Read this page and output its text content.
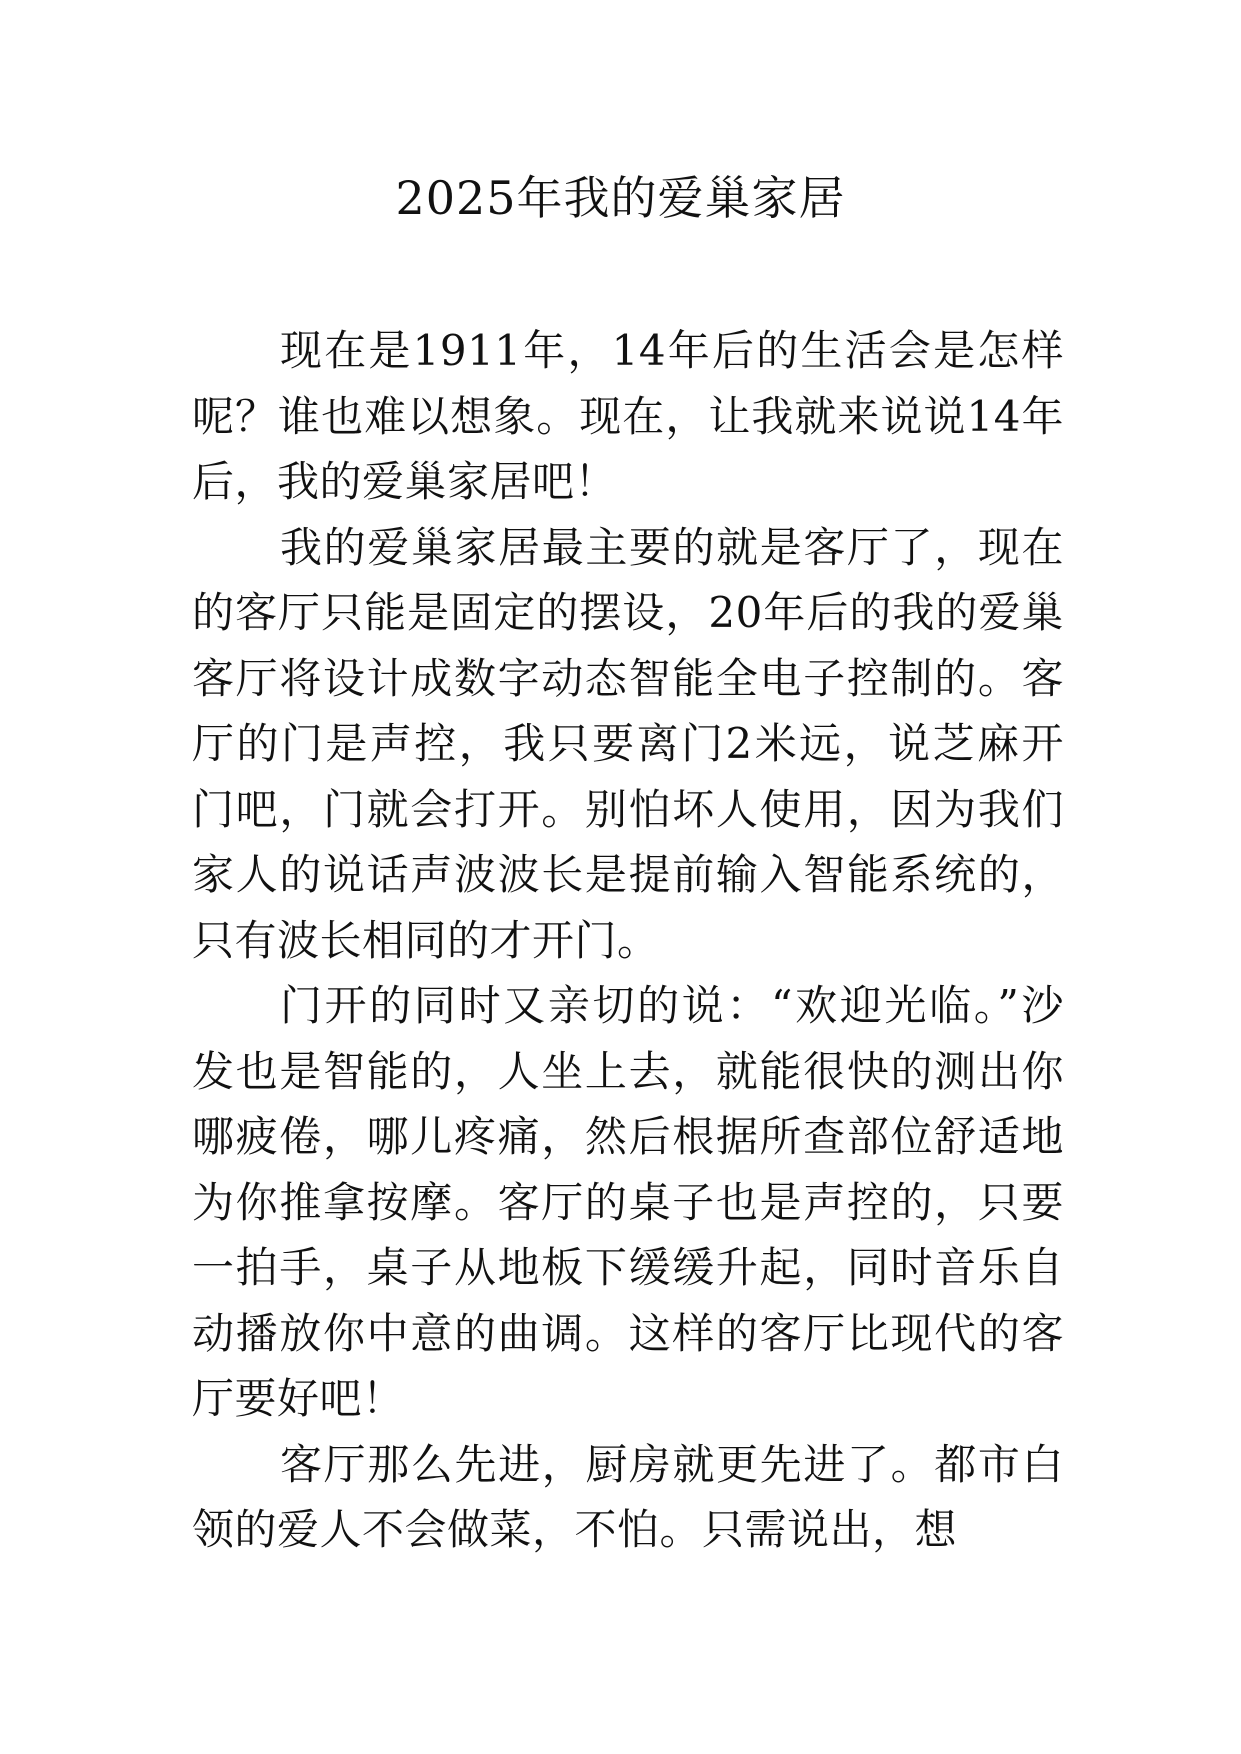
2025年我的爱巢家居

现在是1911年，14年后的生活会是怎样呢？谁也难以想象。现在，让我就来说说14年后，我的爱巢家居吧！

我的爱巢家居最主要的就是客厅了，现在的客厅只能是固定的摆设，20年后的我的爱巢客厅将设计成数字动态智能全电子控制的。客厅的门是声控，我只要离门2米远，说芝麻开门吧，门就会打开。别怕坏人使用，因为我们家人的说话声波波长是提前输入智能系统的，只有波长相同的才开门。

门开的同时又亲切的说：“欢迎光临。”沙发也是智能的，人坐上去，就能很快的测出你哪疲倦，哪儿疼痛，然后根据所查部位舒适地为你推拿按摩。客厅的桌子也是声控的，只要一拍手，桌子从地板下缓缓升起，同时音乐自动播放你中意的曲调。这样的客厅比现代的客厅要好吧！

客厅那么先进，厨房就更先进了。都市白领的爱人不会做菜，不怕。只需说出，想
